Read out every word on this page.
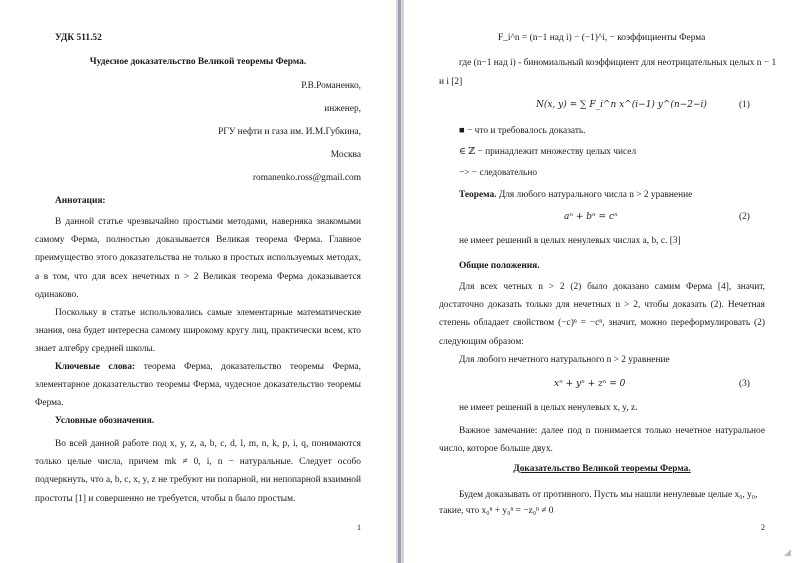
УДК 511.52
Чудесное доказательство Великой теоремы Ферма.
Р.В.Романенко,
инженер,
РГУ нефти и газа им. И.М.Губкина,
Москва
romanenko.ross@gmail.com
Аннотация:
В данной статье чрезвычайно простыми методами, наверняка знакомыми самому Ферма, полностью доказывается Великая теорема Ферма. Главное преимущество этого доказательства не только в простых используемых методах, а в том, что для всех нечетных n > 2 Великая теорема Ферма доказывается одинаково.
Поскольку в статье использовались самые элементарные математические знания, она будет интересна самому широкому кругу лиц, практически всем, кто знает алгебру средней школы.
Ключевые слова: теорема Ферма, доказательство теоремы Ферма, элементарное доказательство теоремы Ферма, чудесное доказательство теоремы Ферма.
Условные обозначения.
Во всей данной работе под x, y, z, a, b, c, d, l, m, n, k, p, i, q, понимаются только целые числа, причем mk ≠ 0, i, n − натуральные. Следует особо подчеркнуть, что a, b, c, x, y, z не требуют ни попарной, ни непопарной взаимной простоты [1] и совершенно не требуется, чтобы n было простым.
1
F_i^n = (n−1 над i) − (−1)^i, − коэффициенты Ферма
где (n−1 над i) - биномиальный коэффициент для неотрицательных целых n − 1
и i [2]
N(x, y) = ∑ F_i^n x^(i−1) y^(n−2−i)	(1)
■ − что и требовалось доказать.
∈ ℤ − принадлежит множеству целых чисел
−> − следовательно
Теорема. Для любого натурального числа n > 2 уравнение
aⁿ + bⁿ = cⁿ	(2)
не имеет решений в целых ненулевых числах a, b, c. [3]
Общие положения.
Для всех четных n > 2 (2) было доказано самим Ферма [4], значит, достаточно доказать только для нечетных n > 2, чтобы доказать (2). Нечетная степень обладает свойством (−c)ⁿ = −cⁿ, значит, можно переформулировать (2) следующим образом:
Для любого нечетного натурального n > 2 уравнение
xⁿ + yⁿ + zⁿ = 0	(3)
не имеет решений в целых ненулевых x, y, z.
Важное замечание: далее под n понимается только нечетное натуральное число, которое больше двух.
Доказательство Великой теоремы Ферма.
Будем доказывать от противного. Пусть мы нашли ненулевые целые x₀, y₀,
такие, что x₀ⁿ + y₀ⁿ = −z₀ⁿ ≠ 0
2
◢
